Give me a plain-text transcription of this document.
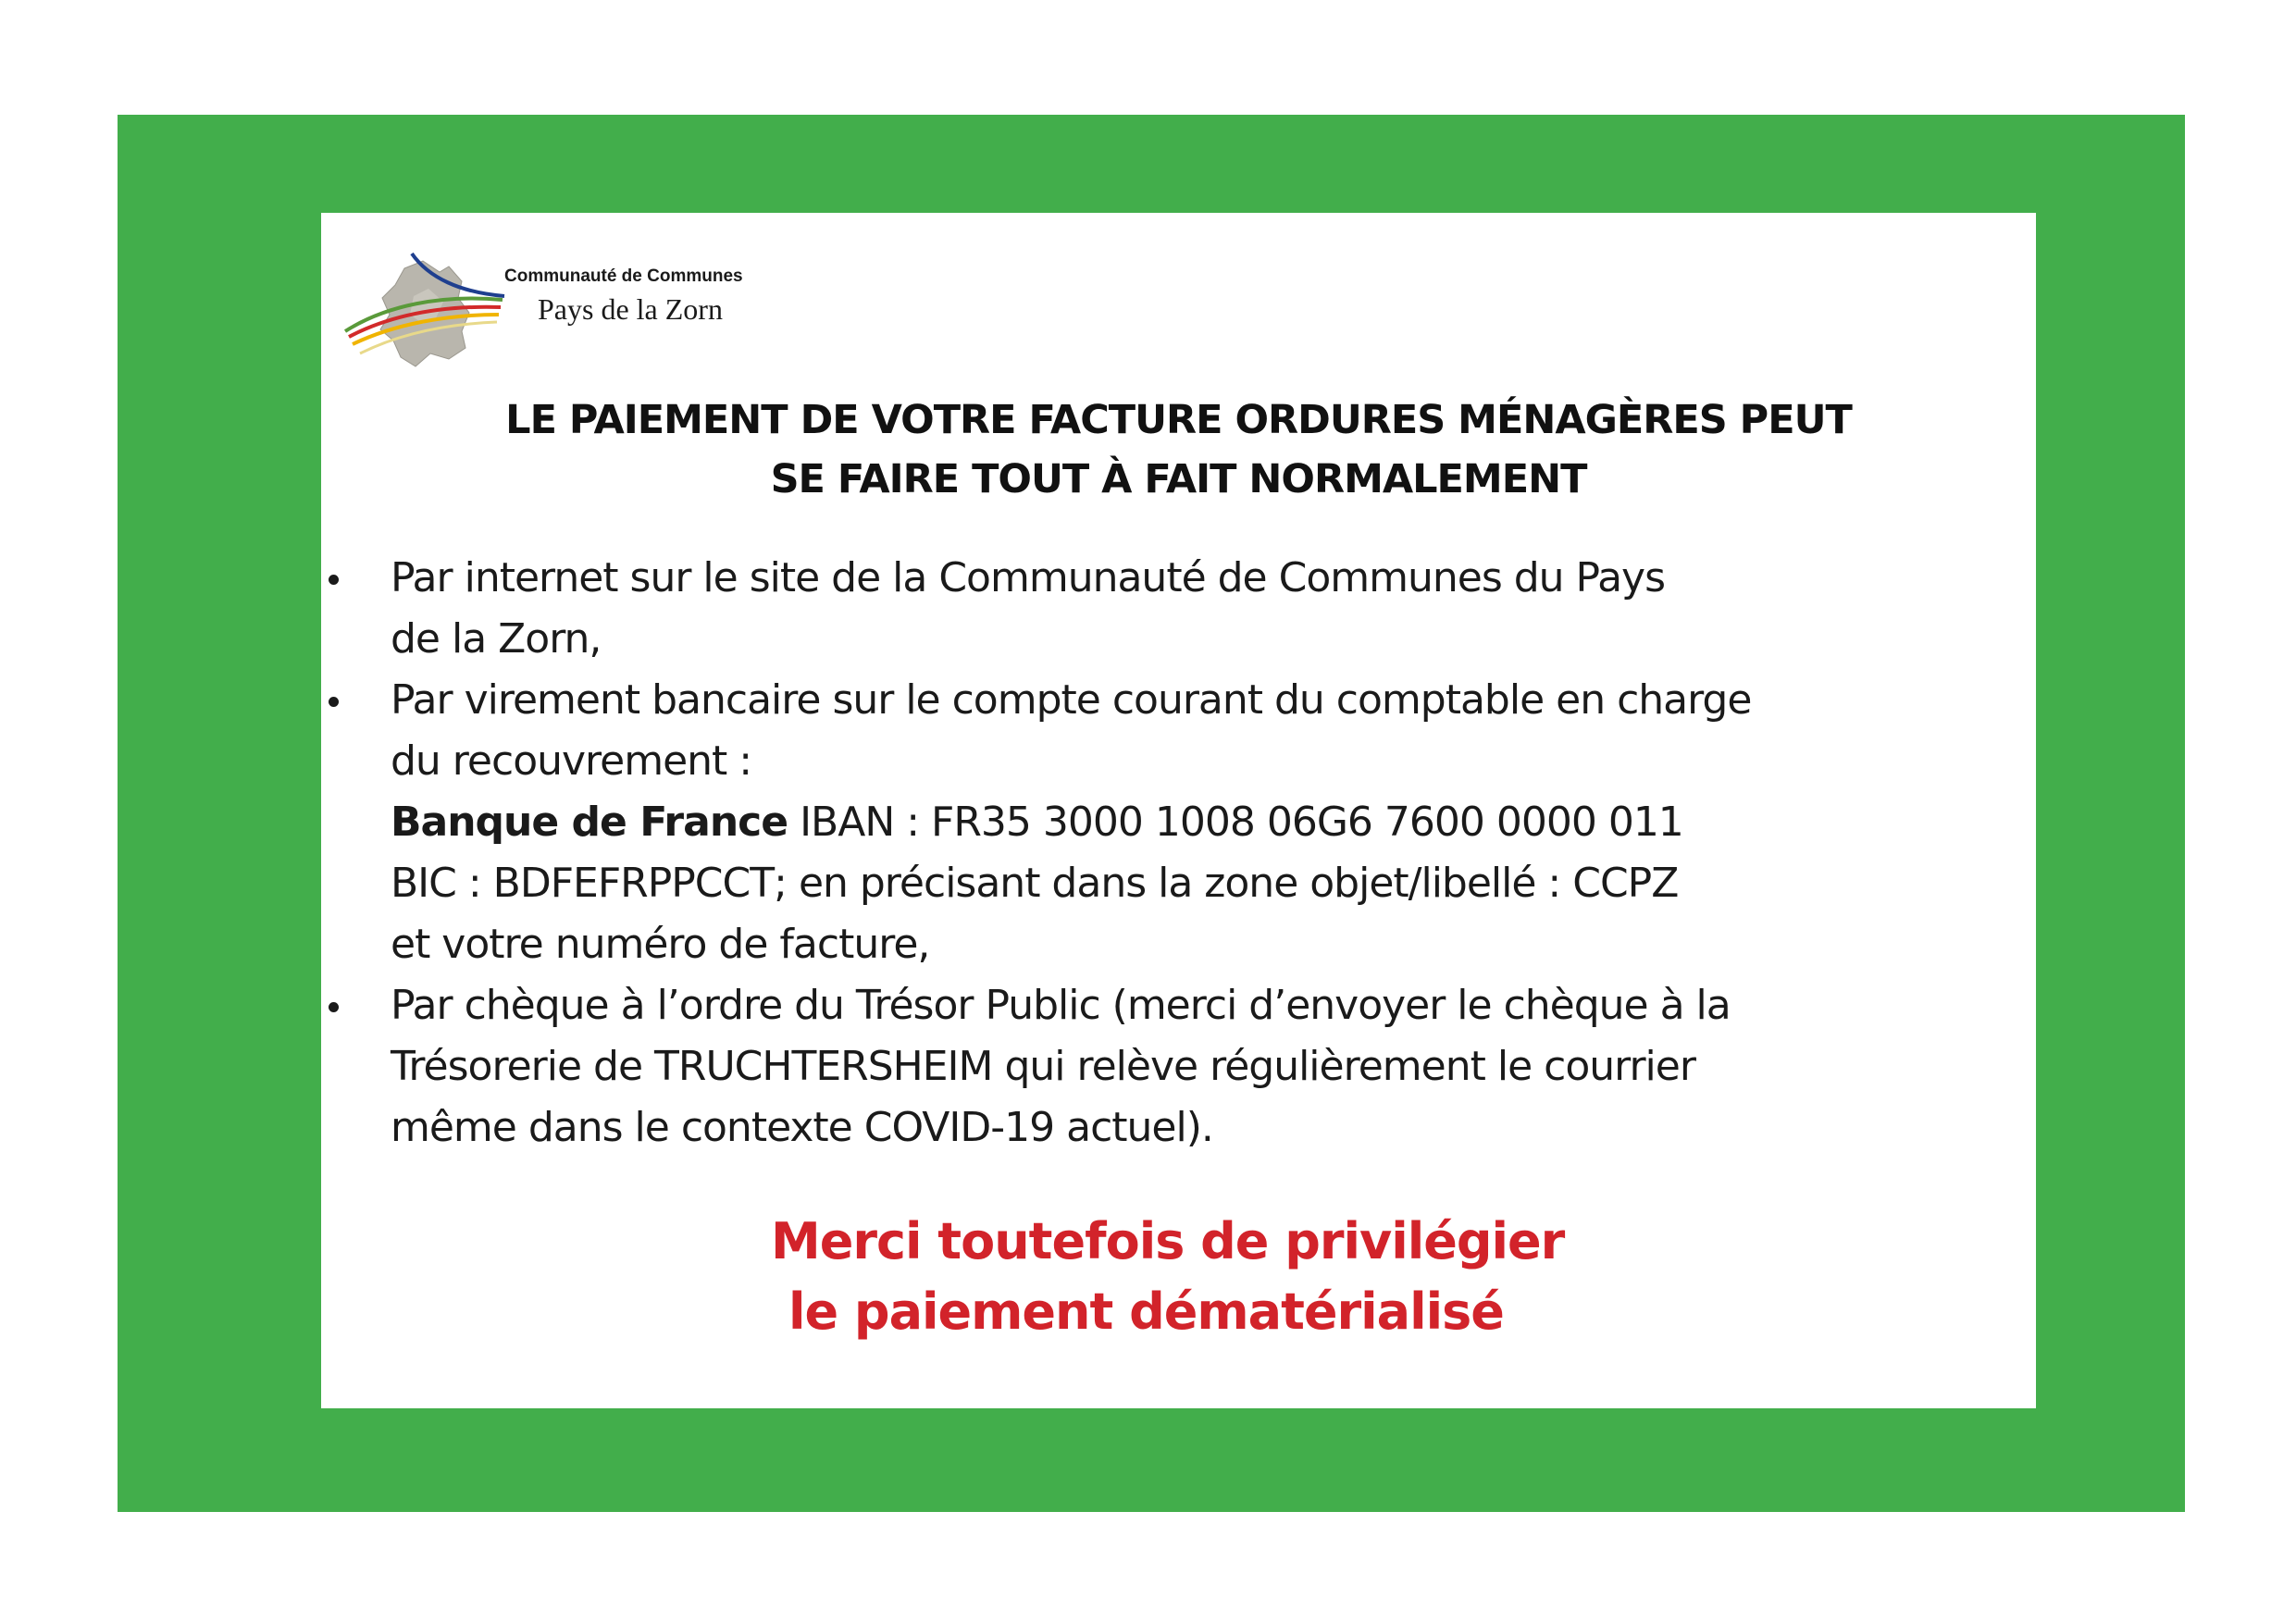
Communauté de Communes
Pays de la Zorn
LE PAIEMENT DE VOTRE FACTURE ORDURES MÉNAGÈRES PEUT
SE FAIRE TOUT À FAIT NORMALEMENT
Par internet sur le site de la Communauté de Communes du Pays
de la Zorn,
Par virement bancaire sur le compte courant du comptable en charge
du recouvrement :
Banque de France IBAN : FR35 3000 1008 06G6 7600 0000 011
BIC : BDFEFRPPCCT; en précisant dans la zone objet/libellé : CCPZ
et votre numéro de facture,
Par chèque à l’ordre du Trésor Public (merci d’envoyer le chèque à la
Trésorerie de TRUCHTERSHEIM qui relève régulièrement le courrier
même dans le contexte COVID-19 actuel).
Merci toutefois de privilégier
le paiement dématérialisé
